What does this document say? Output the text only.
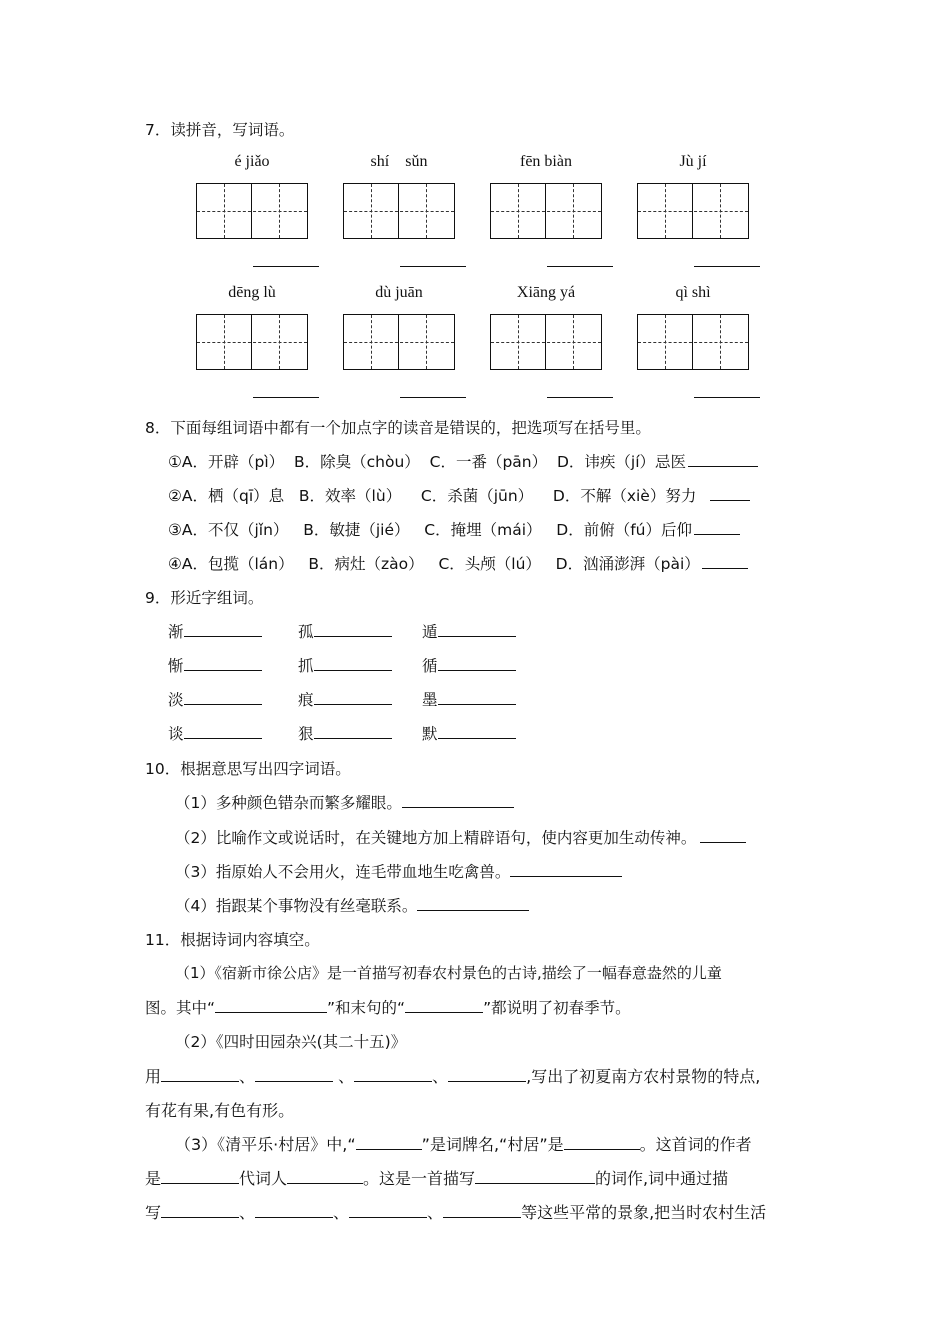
7．读拼音，写词语。
é jiǎo	shí    sǔn	fēn biàn	Jù jí
dēng lù	dù juān	Xiāng yá	qì shì
8．下面每组词语中都有一个加点字的读音是错误的，把选项写在括号里。
①A．开辟（pì）  B．除臭（chòu）  C．一番（pān）  D．讳疾（jí）忌医
②A．栖（qī）息   B．效率（lù）    C．杀菌（jūn）    D．不解（xiè）努力
③A．不仅（jǐn）   B．敏捷（jié）   C．掩埋（mái）   D．前俯（fú）后仰
④A．包揽（lán）   B．病灶（zào）   C．头颅（lú）   D．汹涌澎湃（pài）
9．形近字组词。
渐	孤	遁
惭	抓	循
淡	痕	墨
谈	狠	默
10．根据意思写出四字词语。
（1）多种颜色错杂而繁多耀眼。
（2）比喻作文或说话时，在关键地方加上精辟语句，使内容更加生动传神。
（3）指原始人不会用火，连毛带血地生吃禽兽。
（4）指跟某个事物没有丝毫联系。
11．根据诗词内容填空。
（1）《宿新市徐公店》是一首描写初春农村景色的古诗,描绘了一幅春意盎然的儿童
图。其中“	”和末句的“	”都说明了初春季节。
（2）《四时田园杂兴(其二十五)》
用	、	、	、	,写出了初夏南方农村景物的特点,
有花有果,有色有形。
（3）《清平乐·村居》中,“	”是词牌名,“村居”是	。这首词的作者
是	代词人	。这是一首描写	的词作,词中通过描
写	、	、	、	等这些平常的景象,把当时农村生活
